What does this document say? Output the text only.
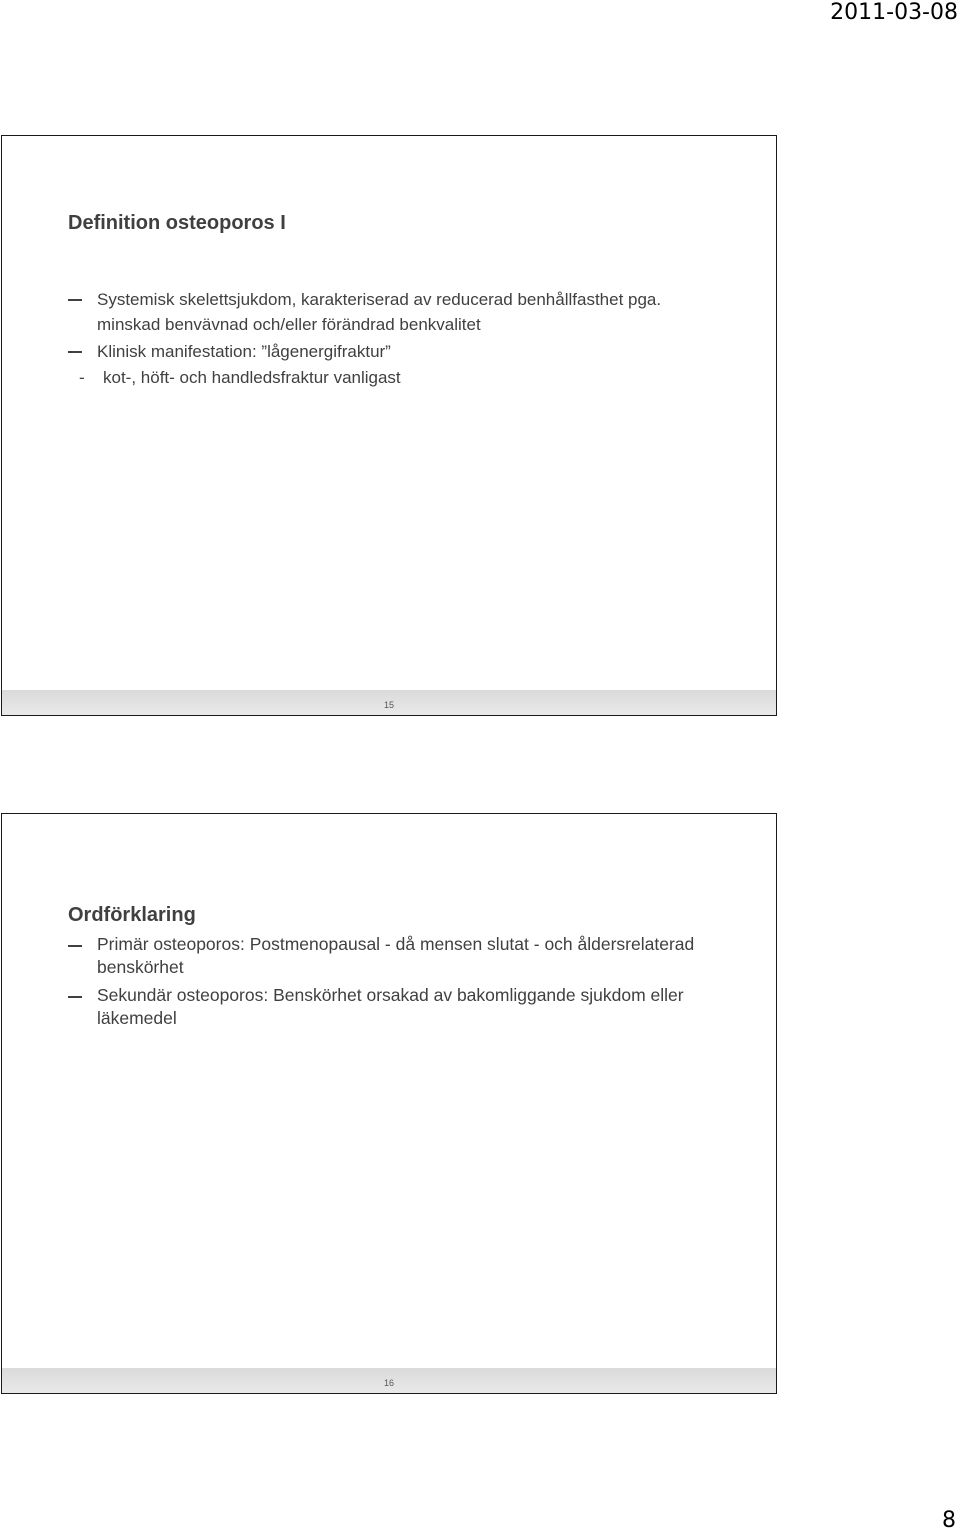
2011-03-08
Definition osteoporos I
Systemisk skelettsjukdom, karakteriserad av reducerad benhållfasthet pga. minskad benvävnad och/eller förändrad benkvalitet
Klinisk manifestation: ”lågenergifraktur”
- kot-, höft- och handledsfraktur vanligast
15
Ordförklaring
Primär osteoporos: Postmenopausal - då mensen slutat - och åldersrelaterad benskörhet
Sekundär osteoporos: Benskörhet orsakad av bakomliggande sjukdom eller läkemedel
16
8
